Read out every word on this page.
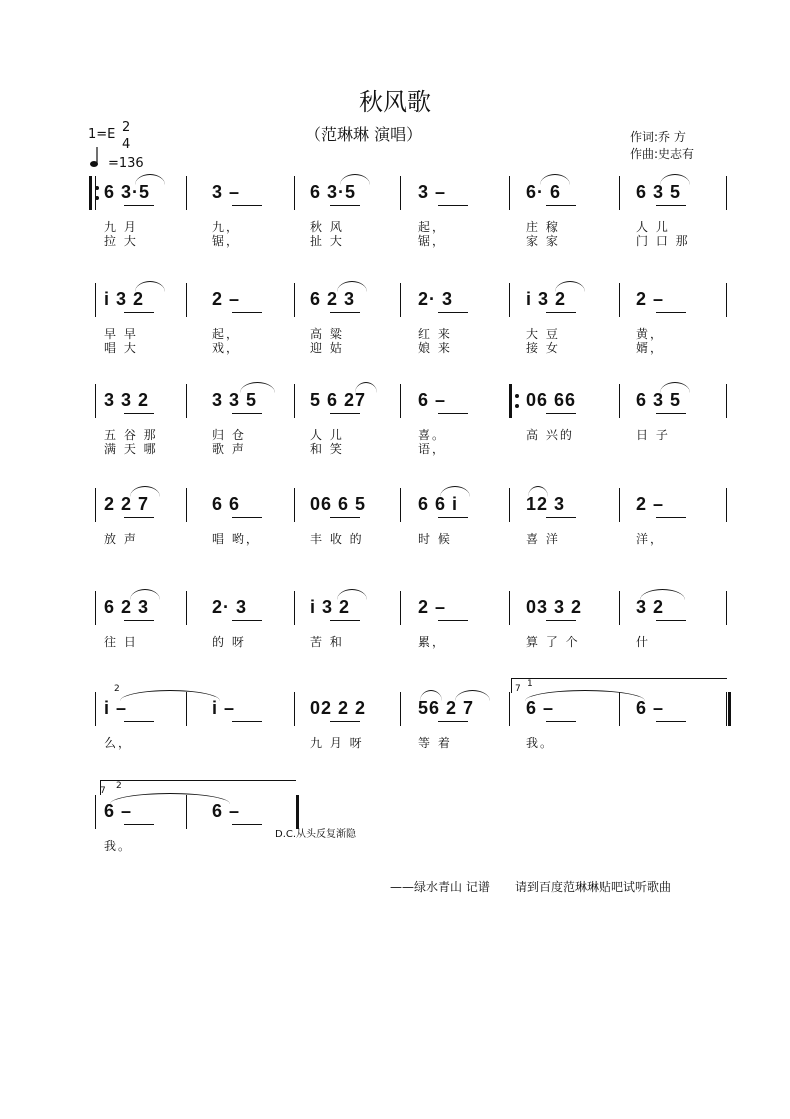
秋风歌
（范琳琳 演唱）	作词:乔 方
作曲:史志有
1=E 2
4
=136
6 3·5
九 月
拉 大
3 –
九，
锯，
6 3·5
秋 风
扯 大
3 –
起，
锯，
6· 6
庄 稼
家 家
6 3 5
人 儿
门 口 那
i 3 2
早 早
唱 大
2 –
起，
戏，
6 2 3
高 粱
迎 姑
2· 3
红 来
娘 来
i 3 2
大 豆
接 女
2 –
黄，
婿，
3 3 2
五 谷 那
满 天 哪
3 3 5
归 仓
歌 声
5 6 27
人 儿
和 笑
6 –
喜。
语，
06 66
高 兴的
6 3 5
日 子
2 2 7
放 声
6 6
唱 哟，
06 6 5
丰 收 的
6 6 i
时 候
12 3
喜 洋
2 –
洋，
6 2 3
往 日
2· 3
的 呀
i 3 2
苦 和
2 –
累，
03 3 2
算 了 个
3 2
什
i –
么，
i –	02 2 2
九 月 呀
56 2 7
等 着
6 –
我。
6 –
6 –
我。
6 –
1
2
2	7
7
D.C.从头反复渐隐
——绿水青山 记谱 请到百度范琳琳贴吧试听歌曲
